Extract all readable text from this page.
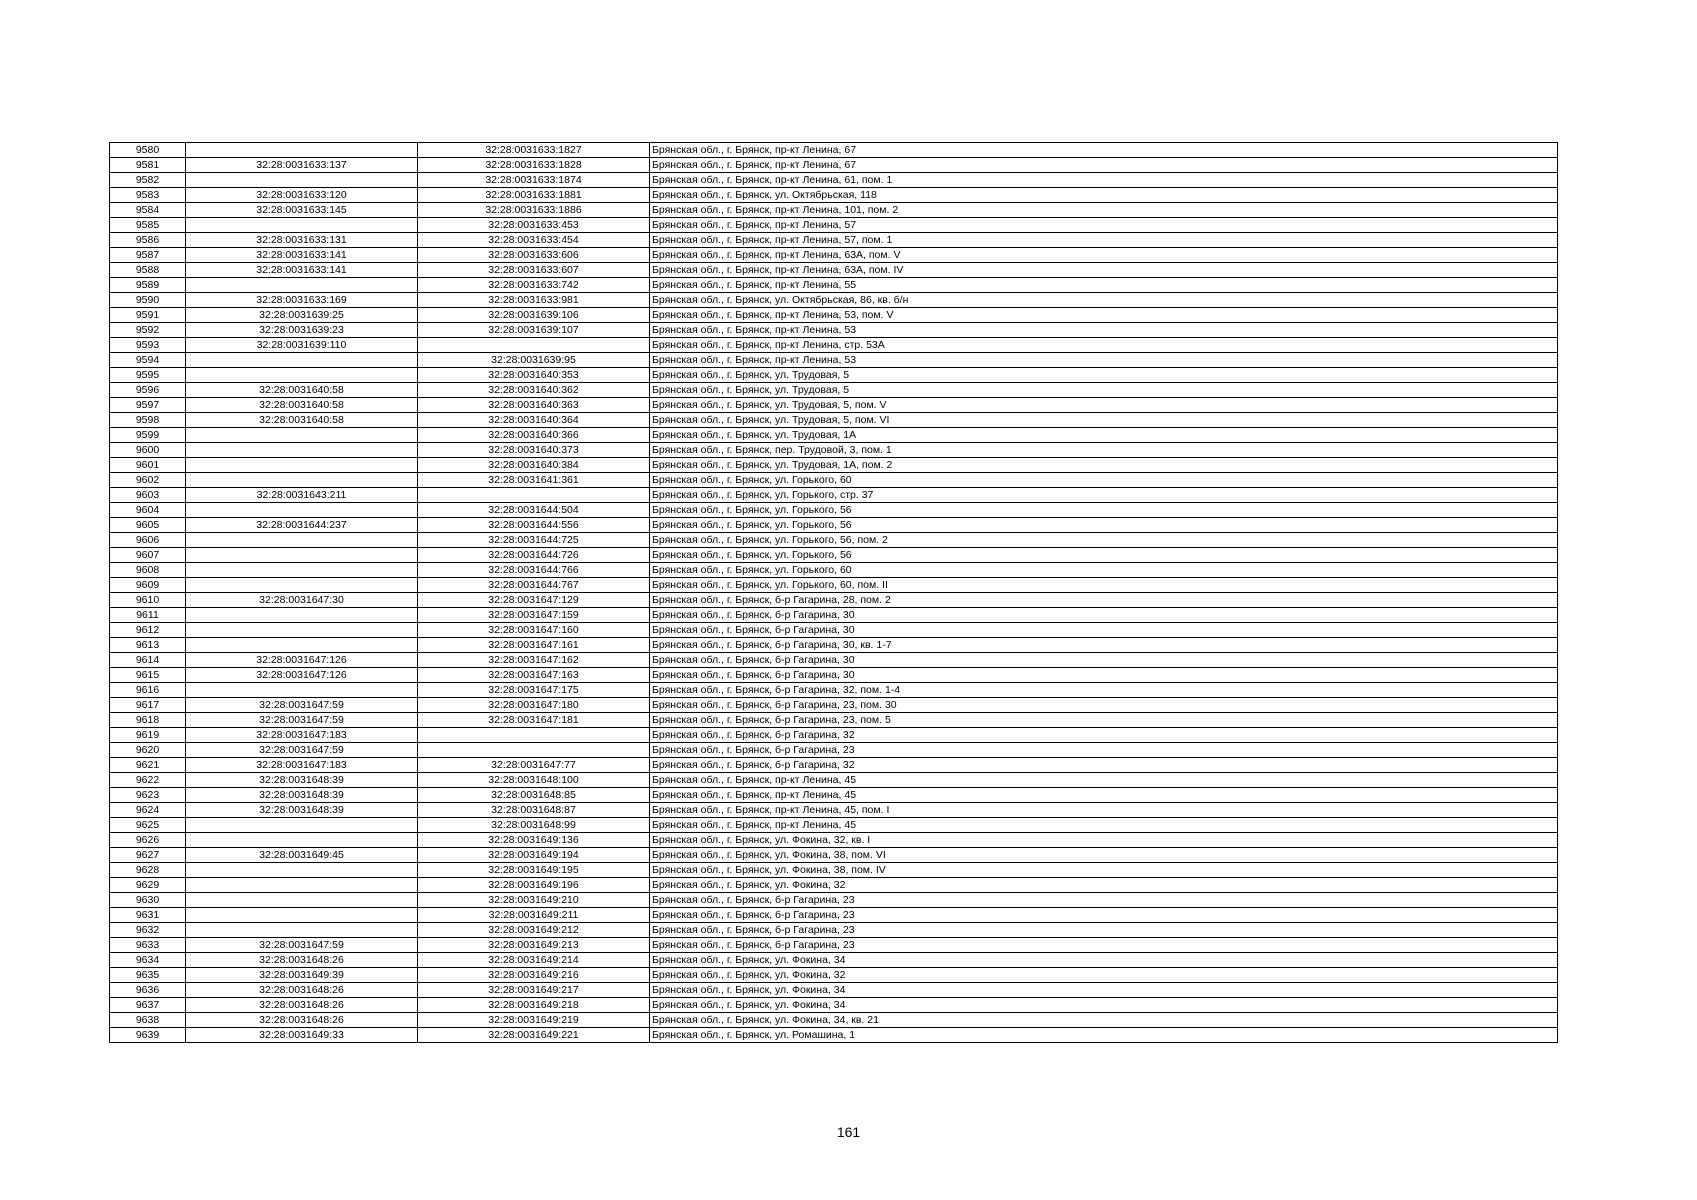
9580		32:28:0031633:1827	Брянская обл., г. Брянск, пр-кт Ленина, 67
9581	32:28:0031633:137	32:28:0031633:1828	Брянская обл., г. Брянск, пр-кт Ленина, 67
9582		32:28:0031633:1874	Брянская обл., г. Брянск, пр-кт Ленина, 61, пом. 1
9583	32:28:0031633:120	32:28:0031633:1881	Брянская обл., г. Брянск, ул. Октябрьская, 118
9584	32:28:0031633:145	32:28:0031633:1886	Брянская обл., г. Брянск, пр-кт Ленина, 101, пом. 2
9585		32:28:0031633:453	Брянская обл., г. Брянск, пр-кт Ленина, 57
9586	32:28:0031633:131	32:28:0031633:454	Брянская обл., г. Брянск, пр-кт Ленина, 57, пом. 1
9587	32:28:0031633:141	32:28:0031633:606	Брянская обл., г. Брянск, пр-кт Ленина, 63А, пом. V
9588	32:28:0031633:141	32:28:0031633:607	Брянская обл., г. Брянск, пр-кт Ленина, 63А, пом. IV
9589		32:28:0031633:742	Брянская обл., г. Брянск, пр-кт Ленина, 55
9590	32:28:0031633:169	32:28:0031633:981	Брянская обл., г. Брянск, ул. Октябрьская, 86, кв. б/н
9591	32:28:0031639:25	32:28:0031639:106	Брянская обл., г. Брянск, пр-кт Ленина, 53, пом. V
9592	32:28:0031639:23	32:28:0031639:107	Брянская обл., г. Брянск, пр-кт Ленина, 53
9593	32:28:0031639:110		Брянская обл., г. Брянск, пр-кт Ленина, стр. 53А
9594		32:28:0031639:95	Брянская обл., г. Брянск, пр-кт Ленина, 53
9595		32:28:0031640:353	Брянская обл., г. Брянск, ул. Трудовая, 5
9596	32:28:0031640:58	32:28:0031640:362	Брянская обл., г. Брянск, ул. Трудовая, 5
9597	32:28:0031640:58	32:28:0031640:363	Брянская обл., г. Брянск, ул. Трудовая, 5, пом. V
9598	32:28:0031640:58	32:28:0031640:364	Брянская обл., г. Брянск, ул. Трудовая, 5, пом. VI
9599		32:28:0031640:366	Брянская обл., г. Брянск, ул. Трудовая, 1А
9600		32:28:0031640:373	Брянская обл., г. Брянск, пер. Трудовой, 3, пом. 1
9601		32:28:0031640:384	Брянская обл., г. Брянск, ул. Трудовая, 1А, пом. 2
9602		32:28:0031641:361	Брянская обл., г. Брянск, ул. Горького, 60
9603	32:28:0031643:211		Брянская обл., г. Брянск, ул. Горького, стр. 37
9604		32:28:0031644:504	Брянская обл., г. Брянск, ул. Горького, 56
9605	32:28:0031644:237	32:28:0031644:556	Брянская обл., г. Брянск, ул. Горького, 56
9606		32:28:0031644:725	Брянская обл., г. Брянск, ул. Горького, 56, пом. 2
9607		32:28:0031644:726	Брянская обл., г. Брянск, ул. Горького, 56
9608		32:28:0031644:766	Брянская обл., г. Брянск, ул. Горького, 60
9609		32:28:0031644:767	Брянская обл., г. Брянск, ул. Горького, 60, пом. II
9610	32:28:0031647:30	32:28:0031647:129	Брянская обл., г. Брянск, б-р Гагарина, 28, пом. 2
9611		32:28:0031647:159	Брянская обл., г. Брянск, б-р Гагарина, 30
9612		32:28:0031647:160	Брянская обл., г. Брянск, б-р Гагарина, 30
9613		32:28:0031647:161	Брянская обл., г. Брянск, б-р Гагарина, 30, кв. 1-7
9614	32:28:0031647:126	32:28:0031647:162	Брянская обл., г. Брянск, б-р Гагарина, 30
9615	32:28:0031647:126	32:28:0031647:163	Брянская обл., г. Брянск, б-р Гагарина, 30
9616		32:28:0031647:175	Брянская обл., г. Брянск, б-р Гагарина, 32, пом. 1-4
9617	32:28:0031647:59	32:28:0031647:180	Брянская обл., г. Брянск, б-р Гагарина, 23, пом. 30
9618	32:28:0031647:59	32:28:0031647:181	Брянская обл., г. Брянск, б-р Гагарина, 23, пом. 5
9619	32:28:0031647:183		Брянская обл., г. Брянск, б-р Гагарина, 32
9620	32:28:0031647:59		Брянская обл., г. Брянск, б-р Гагарина, 23
9621	32:28:0031647:183	32:28:0031647:77	Брянская обл., г. Брянск, б-р Гагарина, 32
9622	32:28:0031648:39	32:28:0031648:100	Брянская обл., г. Брянск, пр-кт Ленина, 45
9623	32:28:0031648:39	32:28:0031648:85	Брянская обл., г. Брянск, пр-кт Ленина, 45
9624	32:28:0031648:39	32:28:0031648:87	Брянская обл., г. Брянск, пр-кт Ленина, 45, пом. I
9625		32:28:0031648:99	Брянская обл., г. Брянск, пр-кт Ленина, 45
9626		32:28:0031649:136	Брянская обл., г. Брянск, ул. Фокина, 32, кв. I
9627	32:28:0031649:45	32:28:0031649:194	Брянская обл., г. Брянск, ул. Фокина, 38, пом. VI
9628		32:28:0031649:195	Брянская обл., г. Брянск, ул. Фокина, 38, пом. IV
9629		32:28:0031649:196	Брянская обл., г. Брянск, ул. Фокина, 32
9630		32:28:0031649:210	Брянская обл., г. Брянск, б-р Гагарина, 23
9631		32:28:0031649:211	Брянская обл., г. Брянск, б-р Гагарина, 23
9632		32:28:0031649:212	Брянская обл., г. Брянск, б-р Гагарина, 23
9633	32:28:0031647:59	32:28:0031649:213	Брянская обл., г. Брянск, б-р Гагарина, 23
9634	32:28:0031648:26	32:28:0031649:214	Брянская обл., г. Брянск, ул. Фокина, 34
9635	32:28:0031649:39	32:28:0031649:216	Брянская обл., г. Брянск, ул. Фокина, 32
9636	32:28:0031648:26	32:28:0031649:217	Брянская обл., г. Брянск, ул. Фокина, 34
9637	32:28:0031648:26	32:28:0031649:218	Брянская обл., г. Брянск, ул. Фокина, 34
9638	32:28:0031648:26	32:28:0031649:219	Брянская обл., г. Брянск, ул. Фокина, 34, кв. 21
9639	32:28:0031649:33	32:28:0031649:221	Брянская обл., г. Брянск, ул. Ромашина, 1
161
